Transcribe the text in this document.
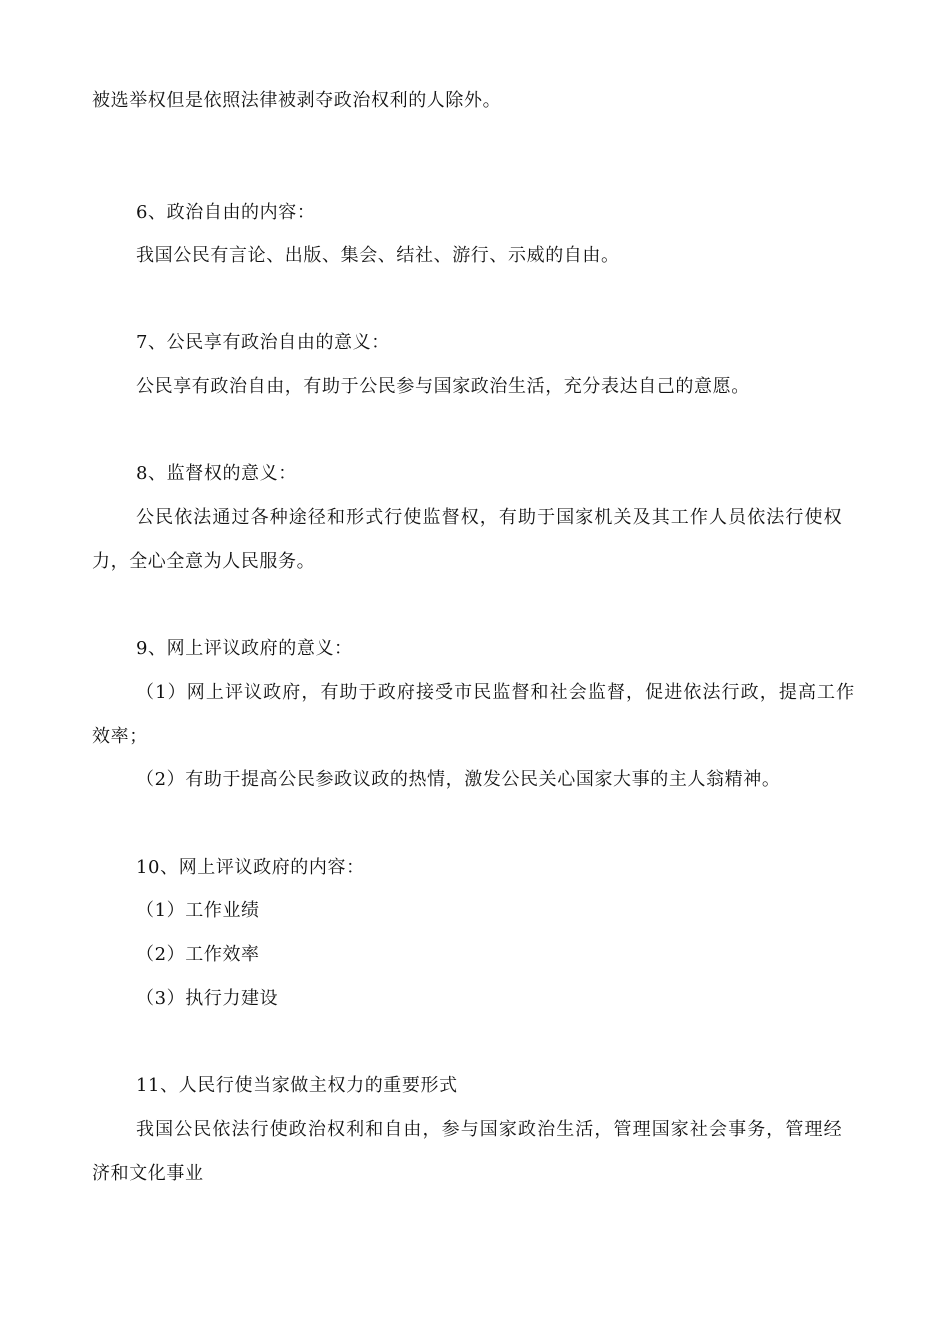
被选举权但是依照法律被剥夺政治权利的人除外。
6、政治自由的内容：
我国公民有言论、出版、集会、结社、游行、示威的自由。
7、公民享有政治自由的意义：
公民享有政治自由，有助于公民参与国家政治生活，充分表达自己的意愿。
8、监督权的意义：
公民依法通过各种途径和形式行使监督权，有助于国家机关及其工作人员依法行使权
力，全心全意为人民服务。
9、网上评议政府的意义：
（1）网上评议政府，有助于政府接受市民监督和社会监督，促进依法行政，提高工作
效率；
（2）有助于提高公民参政议政的热情，激发公民关心国家大事的主人翁精神。
10、网上评议政府的内容：
（1）工作业绩
（2）工作效率
（3）执行力建设
11、人民行使当家做主权力的重要形式
我国公民依法行使政治权利和自由，参与国家政治生活，管理国家社会事务，管理经
济和文化事业
